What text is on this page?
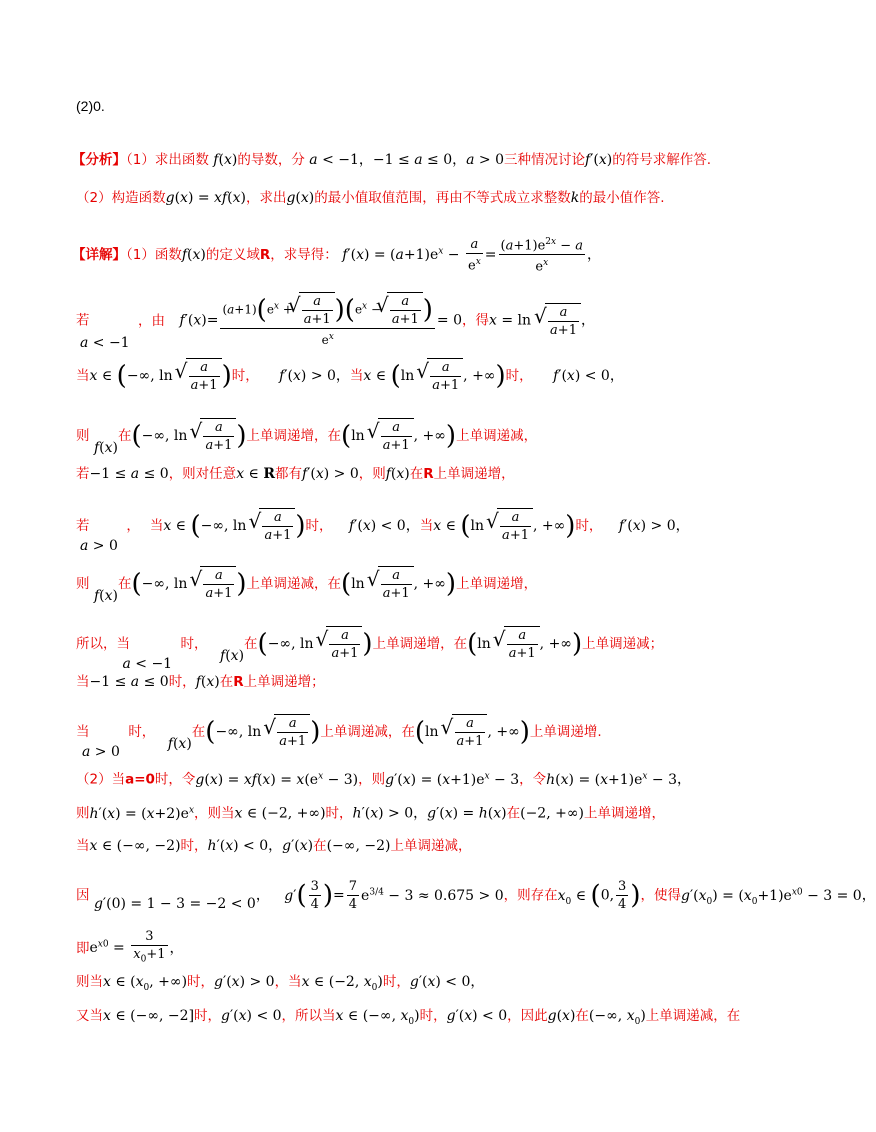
(2)0.
【分析】（1）求出函数 f(x)的导数，分 a < −1，−1 ≤ a ≤ 0，a > 0三种情况讨论f′(x)的符号求解作答.
（2）构造函数g(x) = xf(x)，求出g(x)的最小值取值范围，再由不等式成立求整数k的最小值作答.
【详解】（1）函数f(x)的定义域R，求导得： $f'(x) = (a+1)e^x - \frac{a}{e^x} = \frac{(a+1)e^{2x} - a}{e^x}$ ，
若 a < −1 ，由 $f'(x)= (a+1)(e^x$ +
√ $\frac{a}{a+1} )(e^x$ −
√ $\frac{a}{a+1}$ )
$e^x = 0$，得x = ln
√ $\frac{a}{a+1}$ ，
当x ∈ (−∞, ln
√ $\frac{a}{a+1}$ )时， f′(x) > 0，当x ∈ (ln
√ $\frac{a}{a+1}$ , +∞)时， f′(x) < 0，
则 f(x)在(−∞, ln
√ $\frac{a}{a+1}$ )上单调递增，在(ln
√ $\frac{a}{a+1}$ , +∞)上单调递减，
若−1 ≤ a ≤ 0，则对任意x ∈ R都有f′(x) > 0，则f(x)在R上单调递增，
若 a > 0 ， 当x ∈ (−∞, ln
√ $\frac{a}{a+1}$ )时， f′(x) < 0，当x ∈ (ln
√ $\frac{a}{a+1}$ , +∞)时， f′(x) > 0，
则 f(x)在(−∞, ln
√ $\frac{a}{a+1}$ )上单调递减，在(ln
√ $\frac{a}{a+1}$ , +∞)上单调递增，
所以，当 a < −1 时， f(x)在(−∞, ln
√ $\frac{a}{a+1}$ )上单调递增，在(ln
√ $\frac{a}{a+1}$ , +∞)上单调递减；
当−1 ≤ a ≤ 0时，f(x)在R上单调递增；
当 a > 0 时， f(x)在(−∞, ln
√ $\frac{a}{a+1}$ )上单调递减，在(ln
√ $\frac{a}{a+1}$ , +∞)上单调递增.
（2）当a=0时，令$g(x) = xf(x) = x(e^x - 3)$，则$g'(x) = (x+1)e^x - 3$，令$h(x) = (x+1)e^x - 3$，
则$h'(x) = (x+2)e^x$，则当x ∈ (−2, +∞)时，h′(x) > 0，g′(x) = h(x)在(−2, +∞)上单调递增，
当x ∈ (−∞, −2)时，h′(x) < 0，g′(x)在(−∞, −2)上单调递减，
因 g′(0) = 1 − 3 = −2 < 0， $g'( \frac{3}{4}$ )= $\frac{7}{4} e^{3/4} - 3 \approx 0.675 > 0$，则存在$x_0$ ∈ (0, $\frac{3}{4}$ )，使得$g'(x_0) = (x_0+1)e^{x0} - 3 = 0$，
即$e^{x0} = \frac{3}{x_0+1}$ ，
则当x ∈ ($x_0$, +∞)时，g′(x) > 0，当x ∈ (−2, $x_0$)时，g′(x) < 0，
又当x ∈ (−∞, −2]时，g′(x) < 0，所以当x ∈ (−∞, $x_0$)时，g′(x) < 0，因此g(x)在(−∞, $x_0$)上单调递减，在
